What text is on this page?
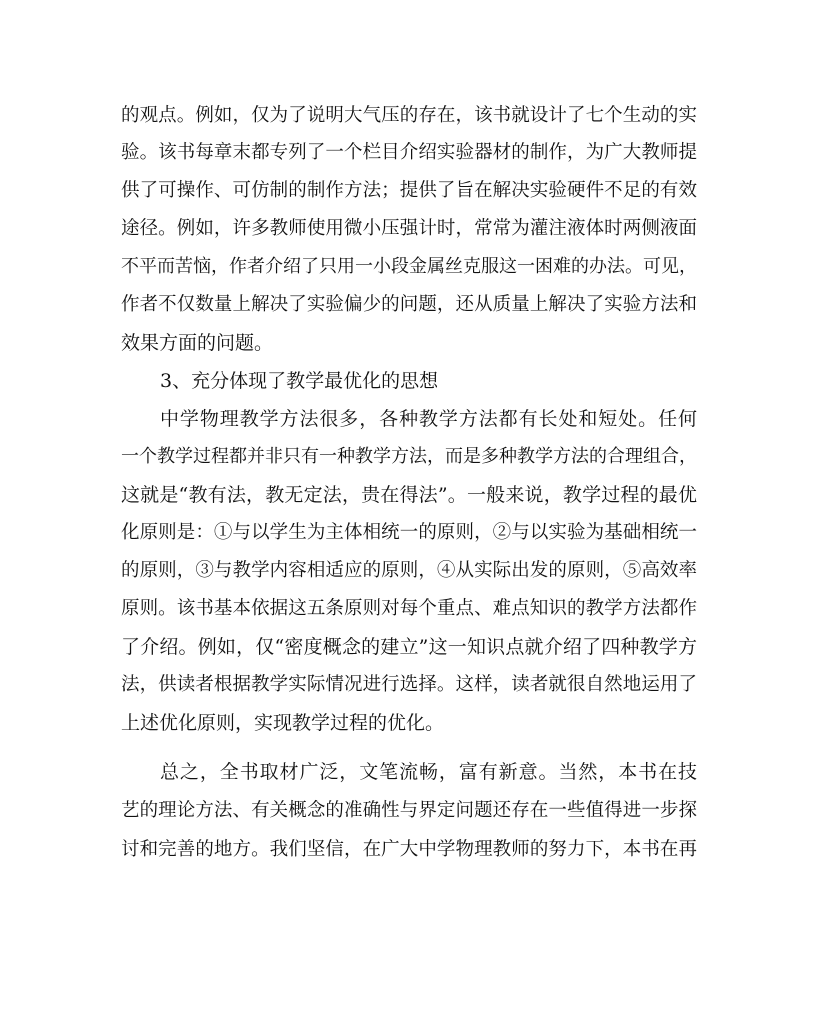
的观点。例如，仅为了说明大气压的存在，该书就设计了七个生动的实
验。该书每章末都专列了一个栏目介绍实验器材的制作，为广大教师提
供了可操作、可仿制的制作方法；提供了旨在解决实验硬件不足的有效
途径。例如，许多教师使用微小压强计时，常常为灌注液体时两侧液面
不平而苦恼，作者介绍了只用一小段金属丝克服这一困难的办法。可见，
作者不仅数量上解决了实验偏少的问题，还从质量上解决了实验方法和
效果方面的问题。
3、充分体现了教学最优化的思想
中学物理教学方法很多，各种教学方法都有长处和短处。任何
一个教学过程都并非只有一种教学方法，而是多种教学方法的合理组合，
这就是“教有法，教无定法，贵在得法”。一般来说，教学过程的最优
化原则是：①与以学生为主体相统一的原则，②与以实验为基础相统一
的原则，③与教学内容相适应的原则，④从实际出发的原则，⑤高效率
原则。该书基本依据这五条原则对每个重点、难点知识的教学方法都作
了介绍。例如，仅“密度概念的建立”这一知识点就介绍了四种教学方
法，供读者根据教学实际情况进行选择。这样，读者就很自然地运用了
上述优化原则，实现教学过程的优化。
总之，全书取材广泛，文笔流畅，富有新意。当然，本书在技
艺的理论方法、有关概念的准确性与界定问题还存在一些值得进一步探
讨和完善的地方。我们坚信，在广大中学物理教师的努力下，本书在再
